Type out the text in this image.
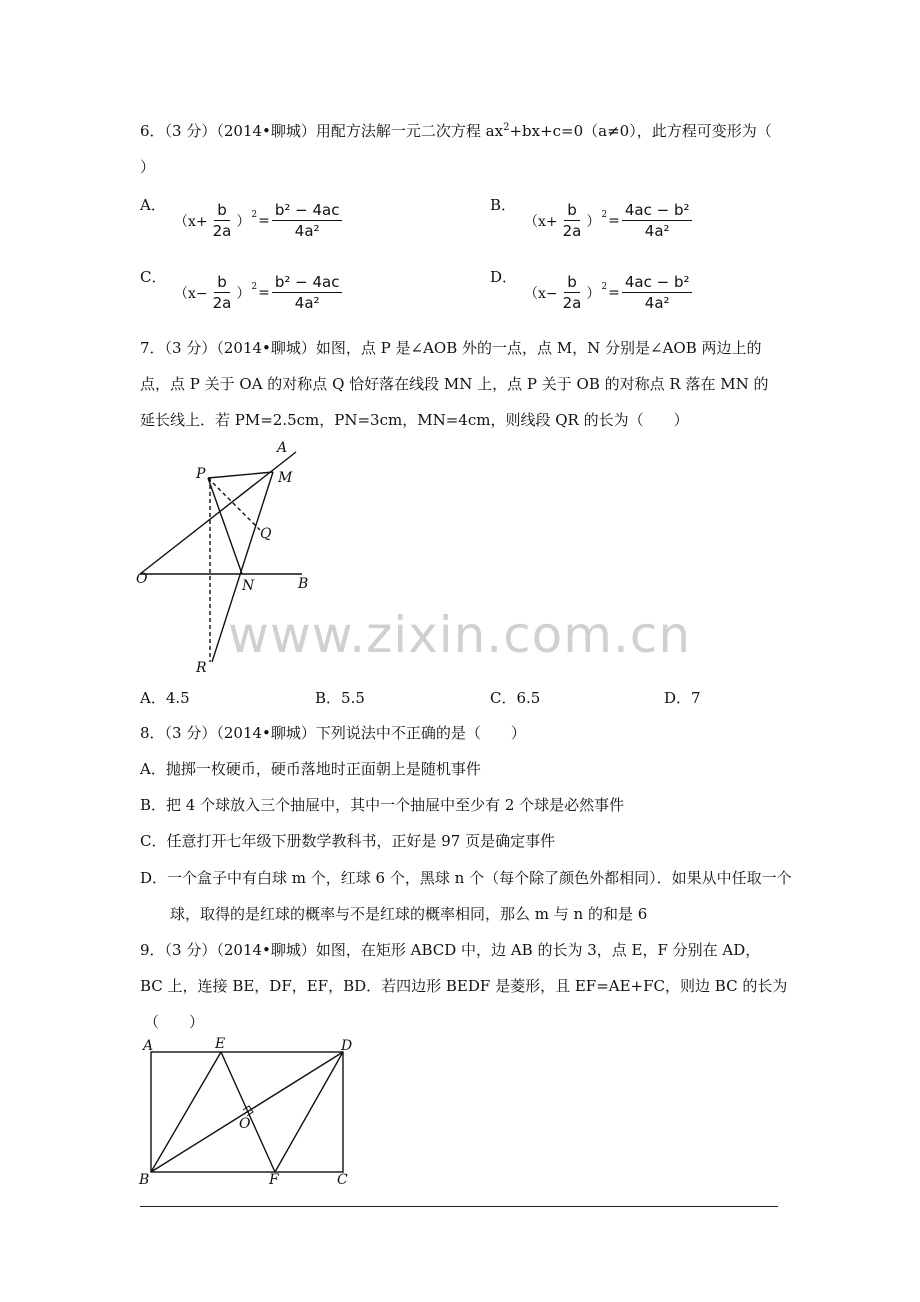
6．（3 分）（2014•聊城）用配方法解一元二次方程 $ax^2+bx+c=0(a\ne 0)$，此方程可变形为（
）
A．
（$x+ \frac{b}{2a}$ ） $2 = \frac{\text{b² − 4ac}}{\text{4a²}}$	B．
（$x+ \frac{b}{2a}$ ） $2 = \frac{\text{4ac − b²}}{\text{4a²}}$
C．
（$x- \frac{b}{2a}$ ） $2 = \frac{\text{b² − 4ac}}{\text{4a²}}$	D．
（$x- \frac{b}{2a}$ ） $2 = \frac{\text{4ac − b²}}{\text{4a²}}$
7．（3 分）（2014•聊城）如图，点 P 是∠AOB 外的一点，点 M，N 分别是∠AOB 两边上的
点，点 P 关于 OA 的对称点 Q 恰好落在线段 MN 上，点 P 关于 OB 的对称点 R 落在 MN 的
延长线上．若 PM=2.5cm，PN=3cm，MN=4cm，则线段 QR 的长为（　　）
A
P	M
Q
O	N	B
R
www.zixin.com.cn
A．4.5	B．5.5	C．6.5	D．7
8．（3 分）（2014•聊城）下列说法中不正确的是（　　）
A．抛掷一枚硬币，硬币落地时正面朝上是随机事件
B．把 4 个球放入三个抽屉中，其中一个抽屉中至少有 2 个球是必然事件
C．任意打开七年级下册数学教科书，正好是 97 页是确定事件
D．一个盒子中有白球 m 个，红球 6 个，黑球 n 个（每个除了颜色外都相同）．如果从中任取一个
球，取得的是红球的概率与不是红球的概率相同，那么 m 与 n 的和是 6
9．（3 分）（2014•聊城）如图，在矩形 ABCD 中，边 AB 的长为 3，点 E，F 分别在 AD，
BC 上，连接 BE，DF，EF，BD．若四边形 BEDF 是菱形，且 EF=AE+FC，则边 BC 的长为
（　　）
A	E	D
O
B	F	C
